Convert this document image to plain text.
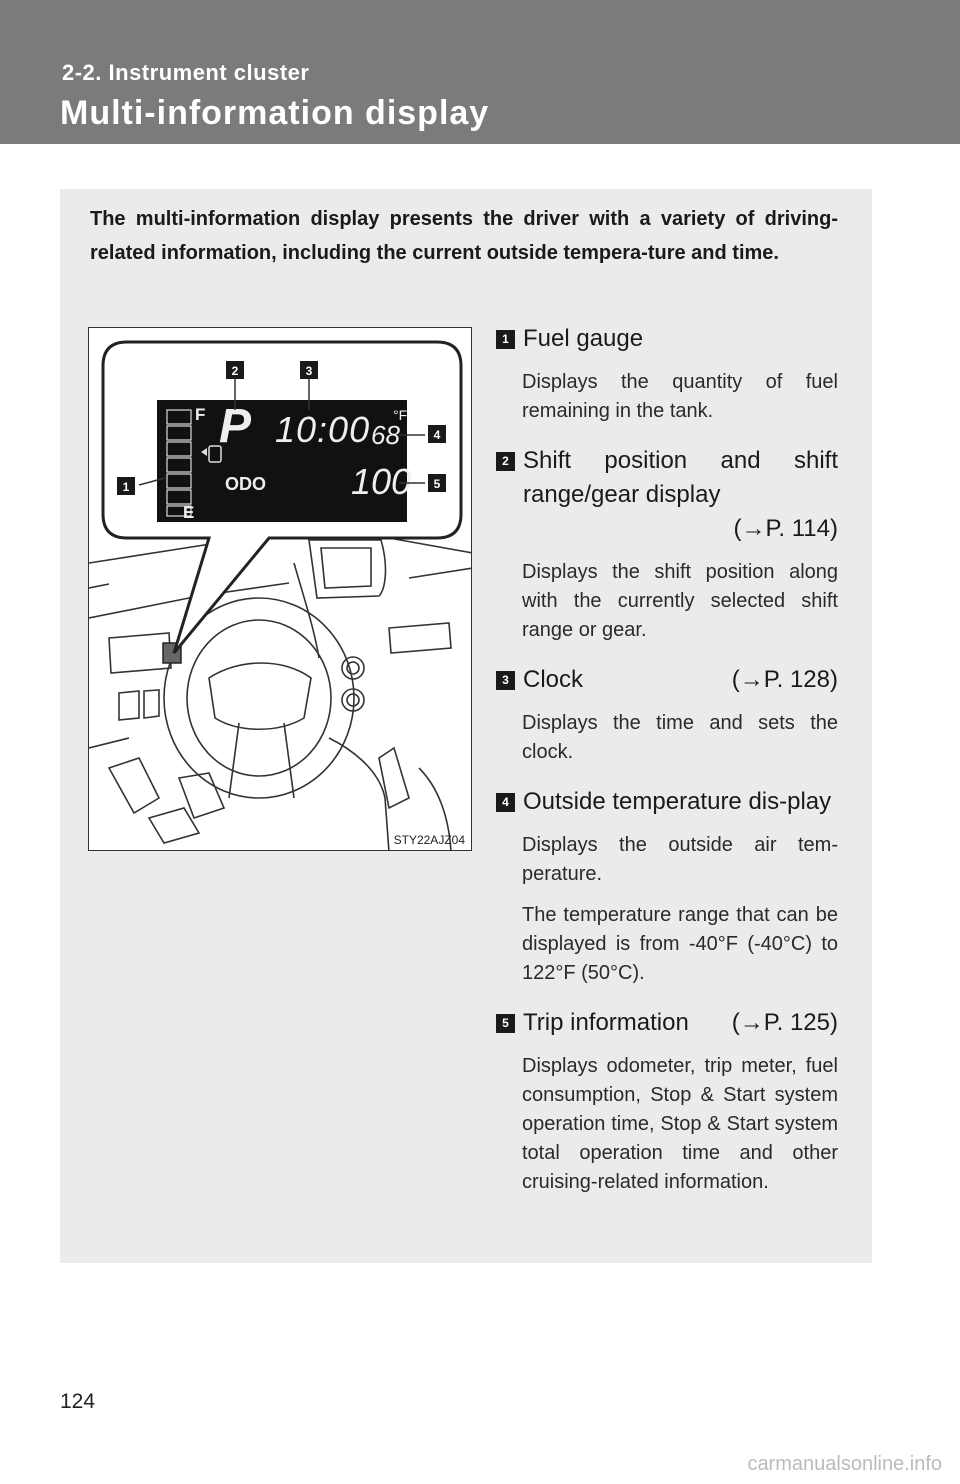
2-2. Instrument cluster
Multi-information display
The multi-information display presents the driver with a variety of driving-related information, including the current outside tempera-ture and time.
F
E
P 10:00 °F
68
ODO 100
1
2	3
4
5
STY22AJZ04
1 Fuel gauge

Displays the quantity of fuel remaining in the tank.

2 Shift position and shift range/gear display
(→P. 114)

Displays the shift position along with the currently selected shift range or gear.

3 Clock	(→P. 128)

Displays the time and sets the clock.

4 Outside temperature dis-play

Displays the outside air tem-perature.

The temperature range that can be displayed is from -40°F (-40°C) to 122°F (50°C).

5 Trip information (→P. 125)

Displays odometer, trip meter, fuel consumption, Stop & Start system operation time, Stop & Start system total operation time and other cruising-related information.

124
carmanualsonline.info
